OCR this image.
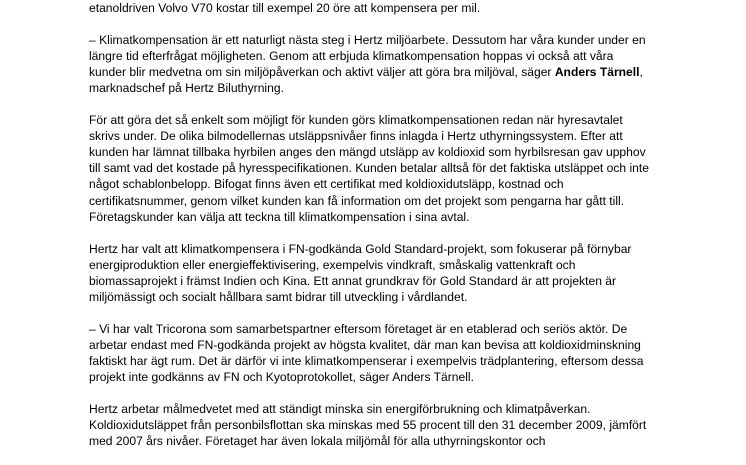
etanoldriven Volvo V70 kostar till exempel 20 öre att kompensera per mil.

– Klimatkompensation är ett naturligt nästa steg i Hertz miljöarbete. Dessutom har våra kunder under en längre tid efterfrågat möjligheten. Genom att erbjuda klimatkompensation hoppas vi också att våra kunder blir medvetna om sin miljöpåverkan och aktivt väljer att göra bra miljöval, säger Anders Tärnell, marknadschef på Hertz Biluthyrning.

För att göra det så enkelt som möjligt för kunden görs klimatkompensationen redan när hyresavtalet skrivs under. De olika bilmodellernas utsläppsnivåer finns inlagda i Hertz uthyrningssystem. Efter att kunden har lämnat tillbaka hyrbilen anges den mängd utsläpp av koldioxid som hyrbilsresan gav upphov till samt vad det kostade på hyresspecifikationen. Kunden betalar alltså för det faktiska utsläppet och inte något schablonbelopp. Bifogat finns även ett certifikat med koldioxidutsläpp, kostnad och certifikatsnummer, genom vilket kunden kan få information om det projekt som pengarna har gått till. Företagskunder kan välja att teckna till klimatkompensation i sina avtal.

Hertz har valt att klimatkompensera i FN-godkända Gold Standard-projekt, som fokuserar på förnybar energiproduktion eller energieffektivisering, exempelvis vindkraft, småskalig vattenkraft och biomassaprojekt i främst Indien och Kina. Ett annat grundkrav för Gold Standard är att projekten är miljömässigt och socialt hållbara samt bidrar till utveckling i vårdlandet.

– Vi har valt Tricorona som samarbetspartner eftersom företaget är en etablerad och seriös aktör. De arbetar endast med FN-godkända projekt av högsta kvalitet, där man kan bevisa att koldioxidminskning faktiskt har ägt rum. Det är därför vi inte klimatkompenserar i exempelvis trädplantering, eftersom dessa projekt inte godkänns av FN och Kyotoprotokollet, säger Anders Tärnell.

Hertz arbetar målmedvetet med att ständigt minska sin energiförbrukning och klimatpåverkan. Koldioxidutsläppet från personbilsflottan ska minskas med 55 procent till den 31 december 2009, jämfört med 2007 års nivåer. Företaget har även lokala miljömål för alla uthyrningskontor och
